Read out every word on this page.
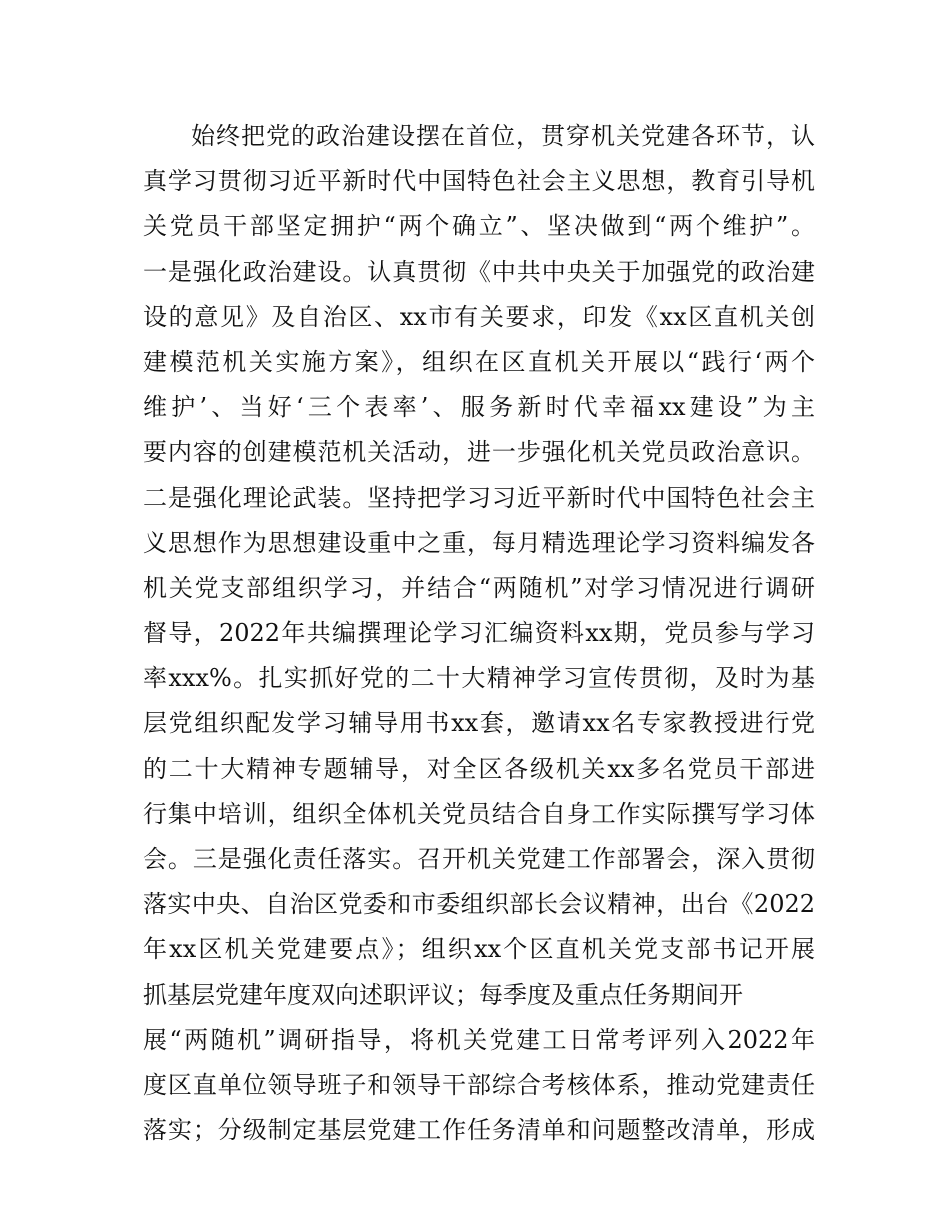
始终把党的政治建设摆在首位，贯穿机关党建各环节，认
真学习贯彻习近平新时代中国特色社会主义思想，教育引导机
关党员干部坚定拥护“两个确立”、坚决做到“两个维护”。
一是强化政治建设。认真贯彻《中共中央关于加强党的政治建
设的意见》及自治区、xx市有关要求，印发《xx区直机关创
建模范机关实施方案》，组织在区直机关开展以“践行‘两个
维护’、当好‘三个表率’、服务新时代幸福xx建设”为主
要内容的创建模范机关活动，进一步强化机关党员政治意识。
二是强化理论武装。坚持把学习习近平新时代中国特色社会主
义思想作为思想建设重中之重，每月精选理论学习资料编发各
机关党支部组织学习，并结合“两随机”对学习情况进行调研
督导，2022年共编撰理论学习汇编资料xx期，党员参与学习
率xxx%。扎实抓好党的二十大精神学习宣传贯彻，及时为基
层党组织配发学习辅导用书xx套，邀请xx名专家教授进行党
的二十大精神专题辅导，对全区各级机关xx多名党员干部进
行集中培训，组织全体机关党员结合自身工作实际撰写学习体
会。三是强化责任落实。召开机关党建工作部署会，深入贯彻
落实中央、自治区党委和市委组织部长会议精神，出台《2022
年xx区机关党建要点》；组织xx个区直机关党支部书记开展
抓基层党建年度双向述职评议；每季度及重点任务期间开
展“两随机”调研指导，将机关党建工日常考评列入2022年
度区直单位领导班子和领导干部综合考核体系，推动党建责任
落实；分级制定基层党建工作任务清单和问题整改清单，形成
